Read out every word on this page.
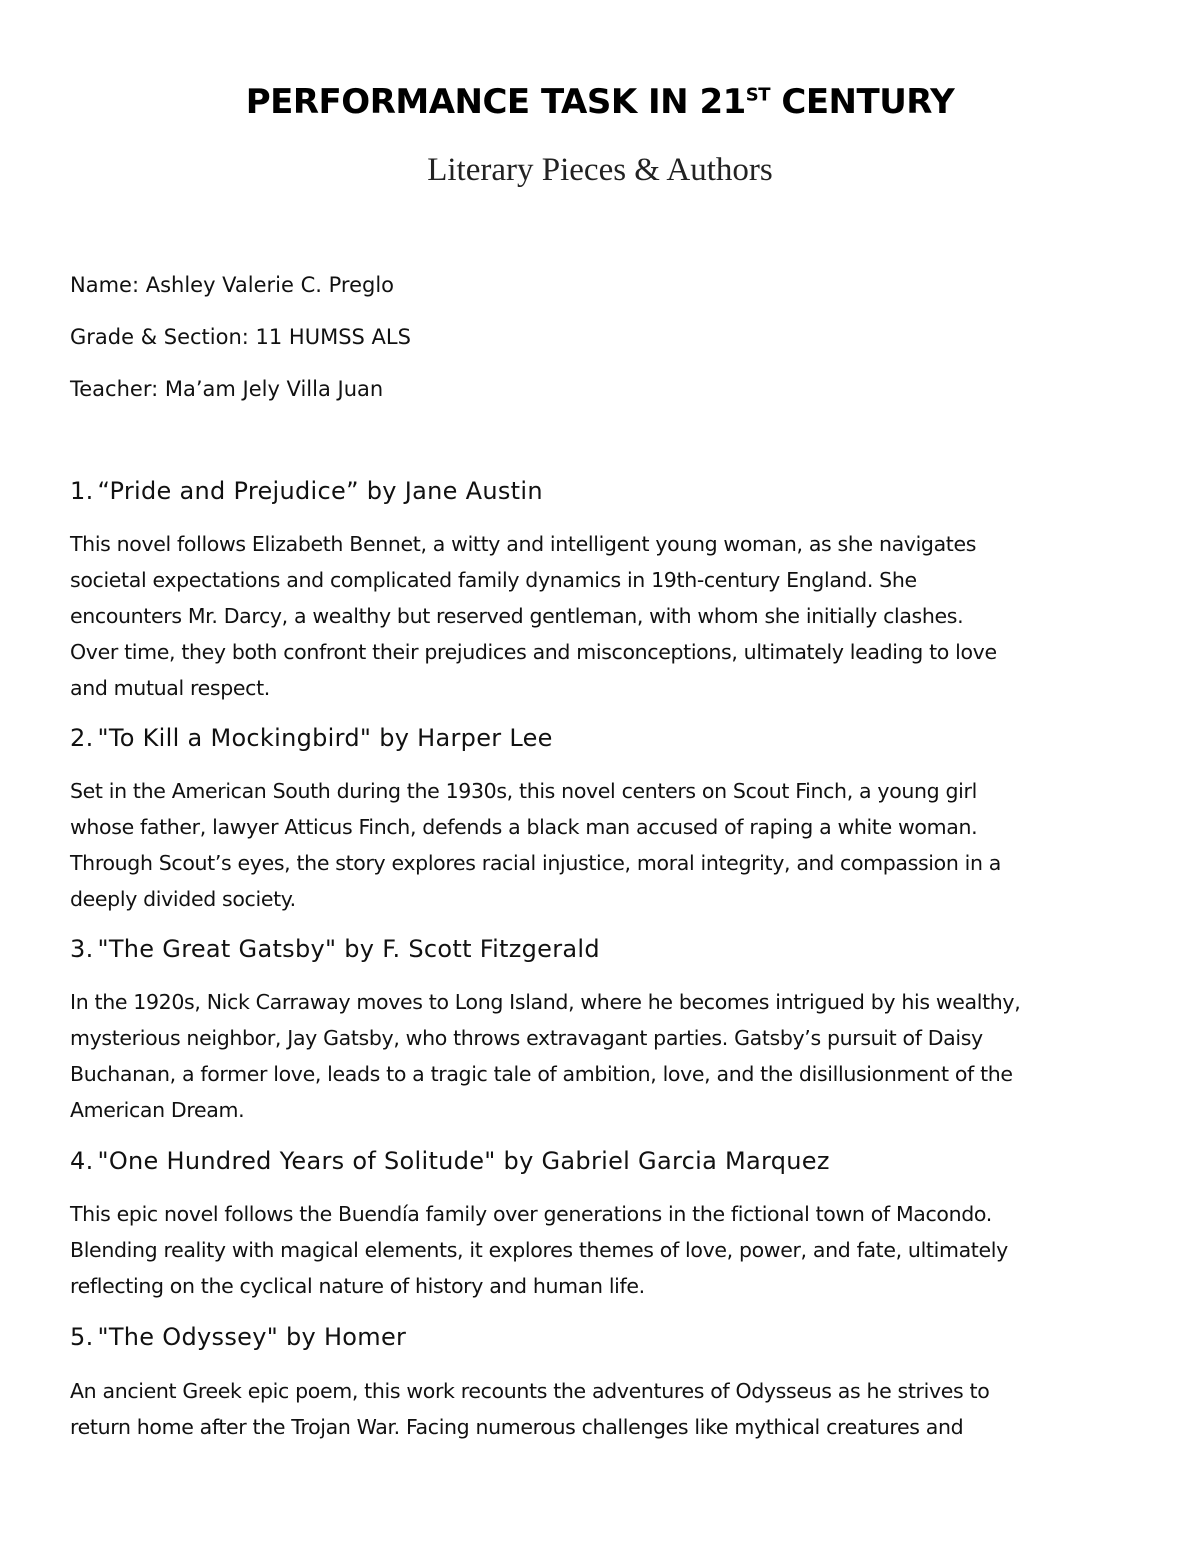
PERFORMANCE TASK IN 21ST CENTURY
Literary Pieces & Authors
Name: Ashley Valerie C. Preglo
Grade & Section: 11 HUMSS ALS
Teacher: Ma’am Jely Villa Juan
1. “Pride and Prejudice” by Jane Austin
This novel follows Elizabeth Bennet, a witty and intelligent young woman, as she navigates
societal expectations and complicated family dynamics in 19th-century England. She
encounters Mr. Darcy, a wealthy but reserved gentleman, with whom she initially clashes.
Over time, they both confront their prejudices and misconceptions, ultimately leading to love
and mutual respect.
2. "To Kill a Mockingbird" by Harper Lee
Set in the American South during the 1930s, this novel centers on Scout Finch, a young girl
whose father, lawyer Atticus Finch, defends a black man accused of raping a white woman.
Through Scout’s eyes, the story explores racial injustice, moral integrity, and compassion in a
deeply divided society.
3. "The Great Gatsby" by F. Scott Fitzgerald
In the 1920s, Nick Carraway moves to Long Island, where he becomes intrigued by his wealthy,
mysterious neighbor, Jay Gatsby, who throws extravagant parties. Gatsby’s pursuit of Daisy
Buchanan, a former love, leads to a tragic tale of ambition, love, and the disillusionment of the
American Dream.
4. "One Hundred Years of Solitude" by Gabriel Garcia Marquez
This epic novel follows the Buendía family over generations in the fictional town of Macondo.
Blending reality with magical elements, it explores themes of love, power, and fate, ultimately
reflecting on the cyclical nature of history and human life.
5. "The Odyssey" by Homer
An ancient Greek epic poem, this work recounts the adventures of Odysseus as he strives to
return home after the Trojan War. Facing numerous challenges like mythical creatures and
